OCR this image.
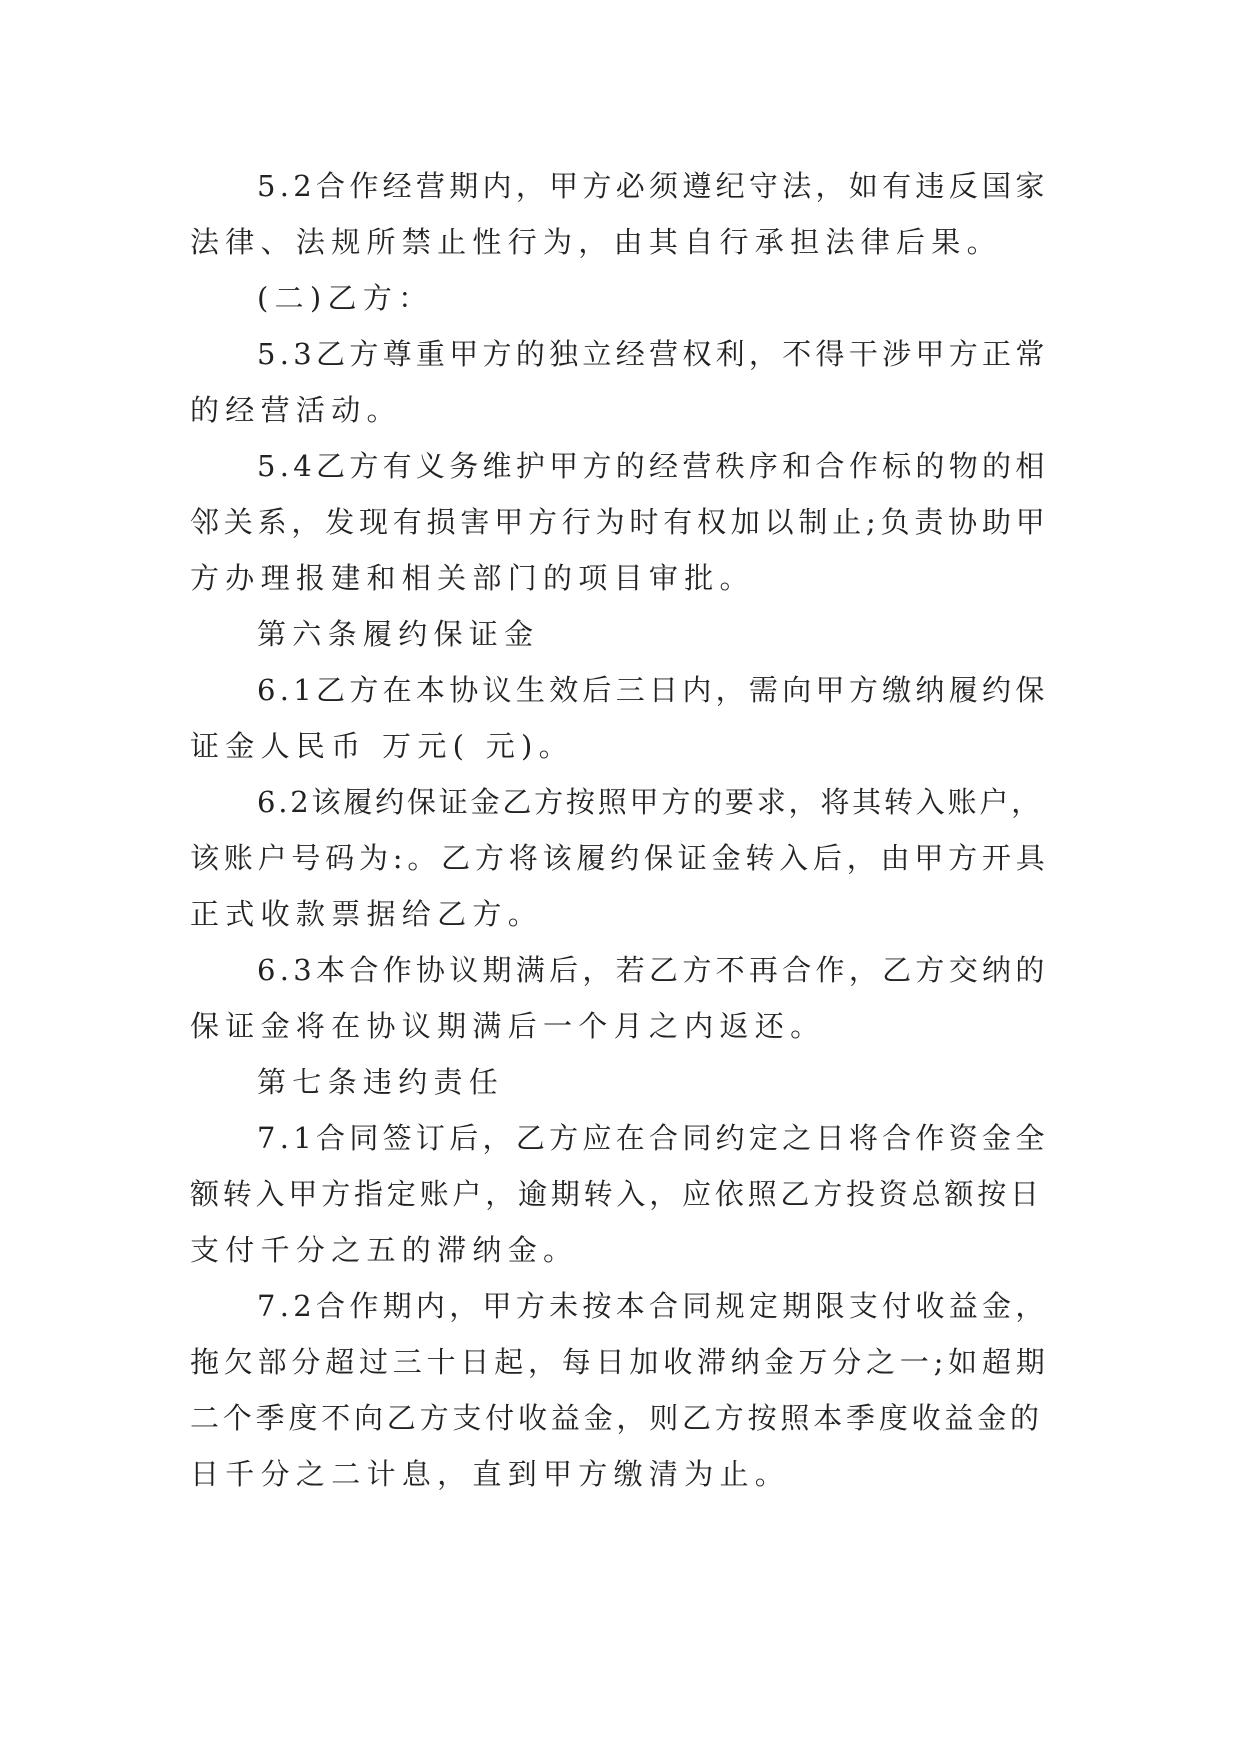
5.2合作经营期内，甲方必须遵纪守法，如有违反国家

法律、法规所禁止性行为，由其自行承担法律后果。

(二)乙方：

5.3乙方尊重甲方的独立经营权利，不得干涉甲方正常

的经营活动。

5.4乙方有义务维护甲方的经营秩序和合作标的物的相

邻关系，发现有损害甲方行为时有权加以制止;负责协助甲

方办理报建和相关部门的项目审批。

第六条履约保证金

6.1乙方在本协议生效后三日内，需向甲方缴纳履约保

证金人民币 万元( 元)。

6.2该履约保证金乙方按照甲方的要求，将其转入账户，

该账户号码为:。乙方将该履约保证金转入后，由甲方开具

正式收款票据给乙方。

6.3本合作协议期满后，若乙方不再合作，乙方交纳的

保证金将在协议期满后一个月之内返还。

第七条违约责任

7.1合同签订后，乙方应在合同约定之日将合作资金全

额转入甲方指定账户，逾期转入，应依照乙方投资总额按日

支付千分之五的滞纳金。

7.2合作期内，甲方未按本合同规定期限支付收益金，

拖欠部分超过三十日起，每日加收滞纳金万分之一;如超期

二个季度不向乙方支付收益金，则乙方按照本季度收益金的

日千分之二计息，直到甲方缴清为止。
